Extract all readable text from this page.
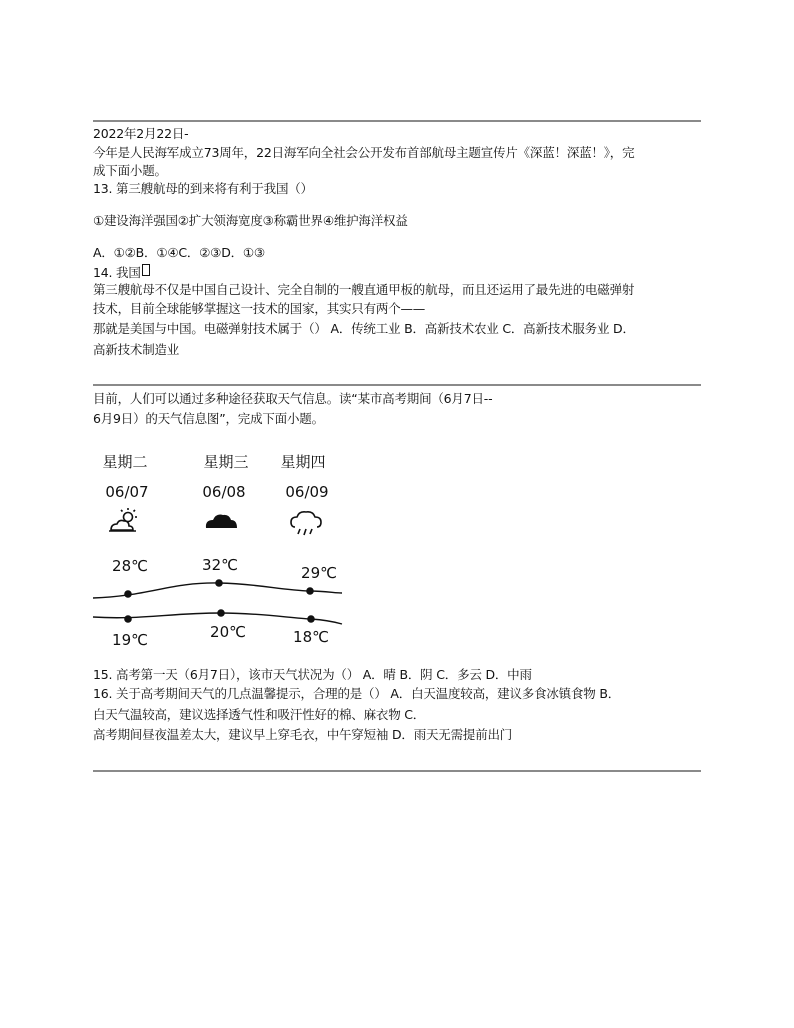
2022年2月22日-
今年是人民海军成立73周年，22日海军向全社会公开发布首部航母主题宣传片《深蓝！深蓝！》，完
成下面小题。
13. 第三艘航母的到来将有利于我国（）
①建设海洋强国②扩大领海宽度③称霸世界④维护海洋权益
A．①②B．①④C．②③D．①③
14. 我国
第三艘航母不仅是中国自己设计、完全自制的一艘直通甲板的航母，而且还运用了最先进的电磁弹射
技术，目前全球能够掌握这一技术的国家，其实只有两个——
那就是美国与中国。电磁弹射技术属于（） A．传统工业 B．高新技术农业 C．高新技术服务业 D．
高新技术制造业
目前，人们可以通过多种途径获取天气信息。读“某市高考期间（6月7日--
6月9日）的天气信息图”，完成下面小题。
星期二	星期三	星期四
06/07	06/08	06/09
28℃	32℃	29℃
19℃	20℃	18℃
15. 高考第一天（6月7日），该市天气状况为（） A．晴 B．阴 C．多云 D．中雨
16. 关于高考期间天气的几点温馨提示，合理的是（） A．白天温度较高，建议多食冰镇食物 B．
白天气温较高，建议选择透气性和吸汗性好的棉、麻衣物 C．
高考期间昼夜温差太大，建议早上穿毛衣，中午穿短袖 D．雨天无需提前出门
